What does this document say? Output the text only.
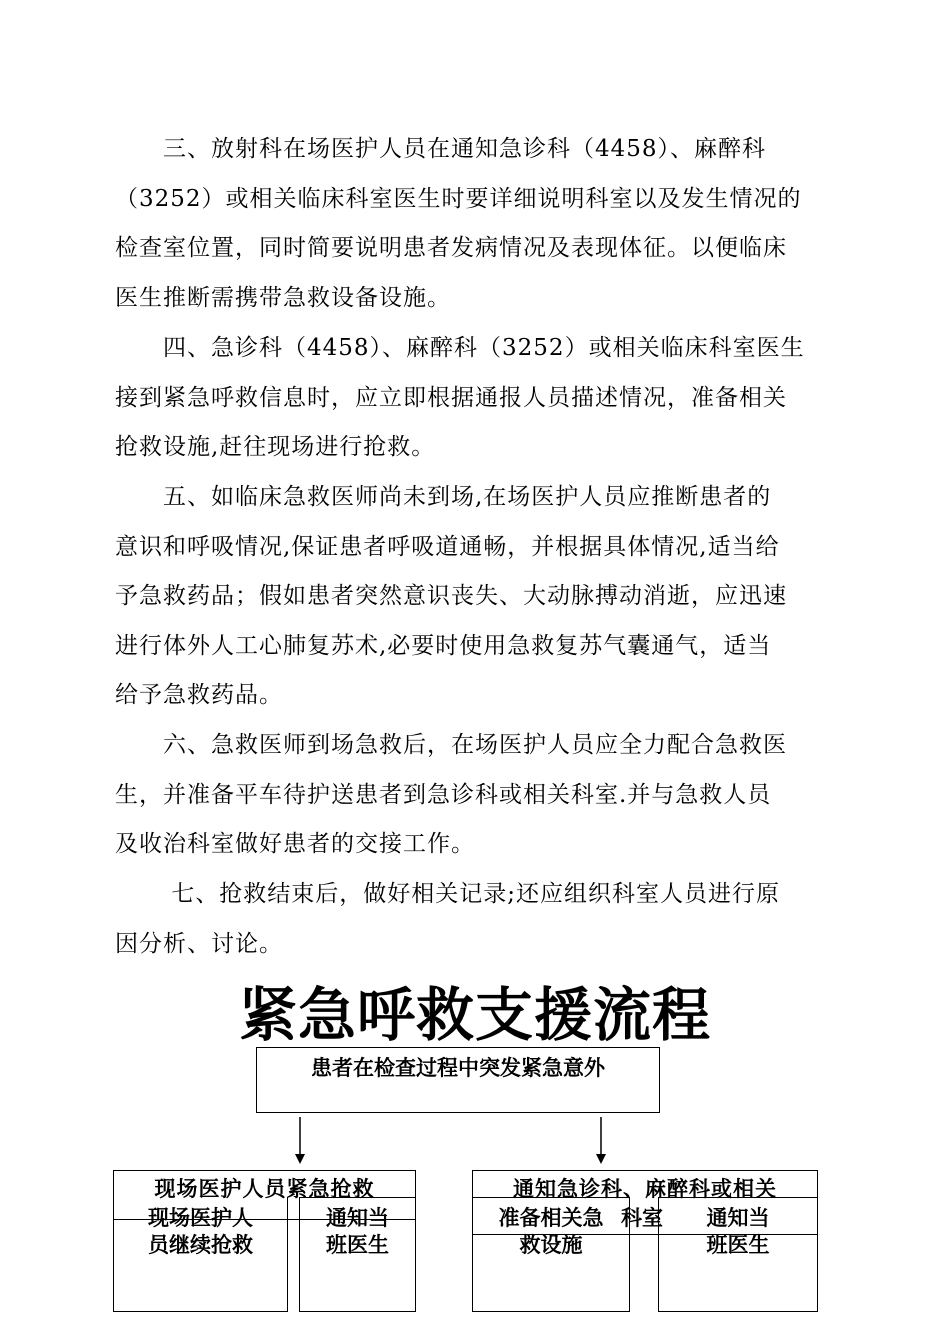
　　三、放射科在场医护人员在通知急诊科（4458）、麻醉科
（3252）或相关临床科室医生时要详细说明科室以及发生情况的
检查室位置，同时简要说明患者发病情况及表现体征。以便临床
医生推断需携带急救设备设施。
　　四、急诊科（4458）、麻醉科（3252）或相关临床科室医生
接到紧急呼救信息时，应立即根据通报人员描述情况，准备相关
抢救设施,赶往现场进行抢救。
　　五、如临床急救医师尚未到场,在场医护人员应推断患者的
意识和呼吸情况,保证患者呼吸道通畅，并根据具体情况,适当给
予急救药品；假如患者突然意识丧失、大动脉搏动消逝，应迅速
进行体外人工心肺复苏术,必要时使用急救复苏气囊通气，适当
给予急救药品。
　　六、急救医师到场急救后，在场医护人员应全力配合急救医
生，并准备平车待护送患者到急诊科或相关科室.并与急救人员
及收治科室做好患者的交接工作。
　　 七、抢救结束后，做好相关记录;还应组织科室人员进行原
因分析、讨论。
紧急呼救支援流程
患者在检查过程中突发紧急意外
现场医护人员紧急抢救
现场医护人
员继续抢救
通知当
班医生
通知急诊科、麻醉科或相关
科室
准备相关急
救设施
通知当
班医生
